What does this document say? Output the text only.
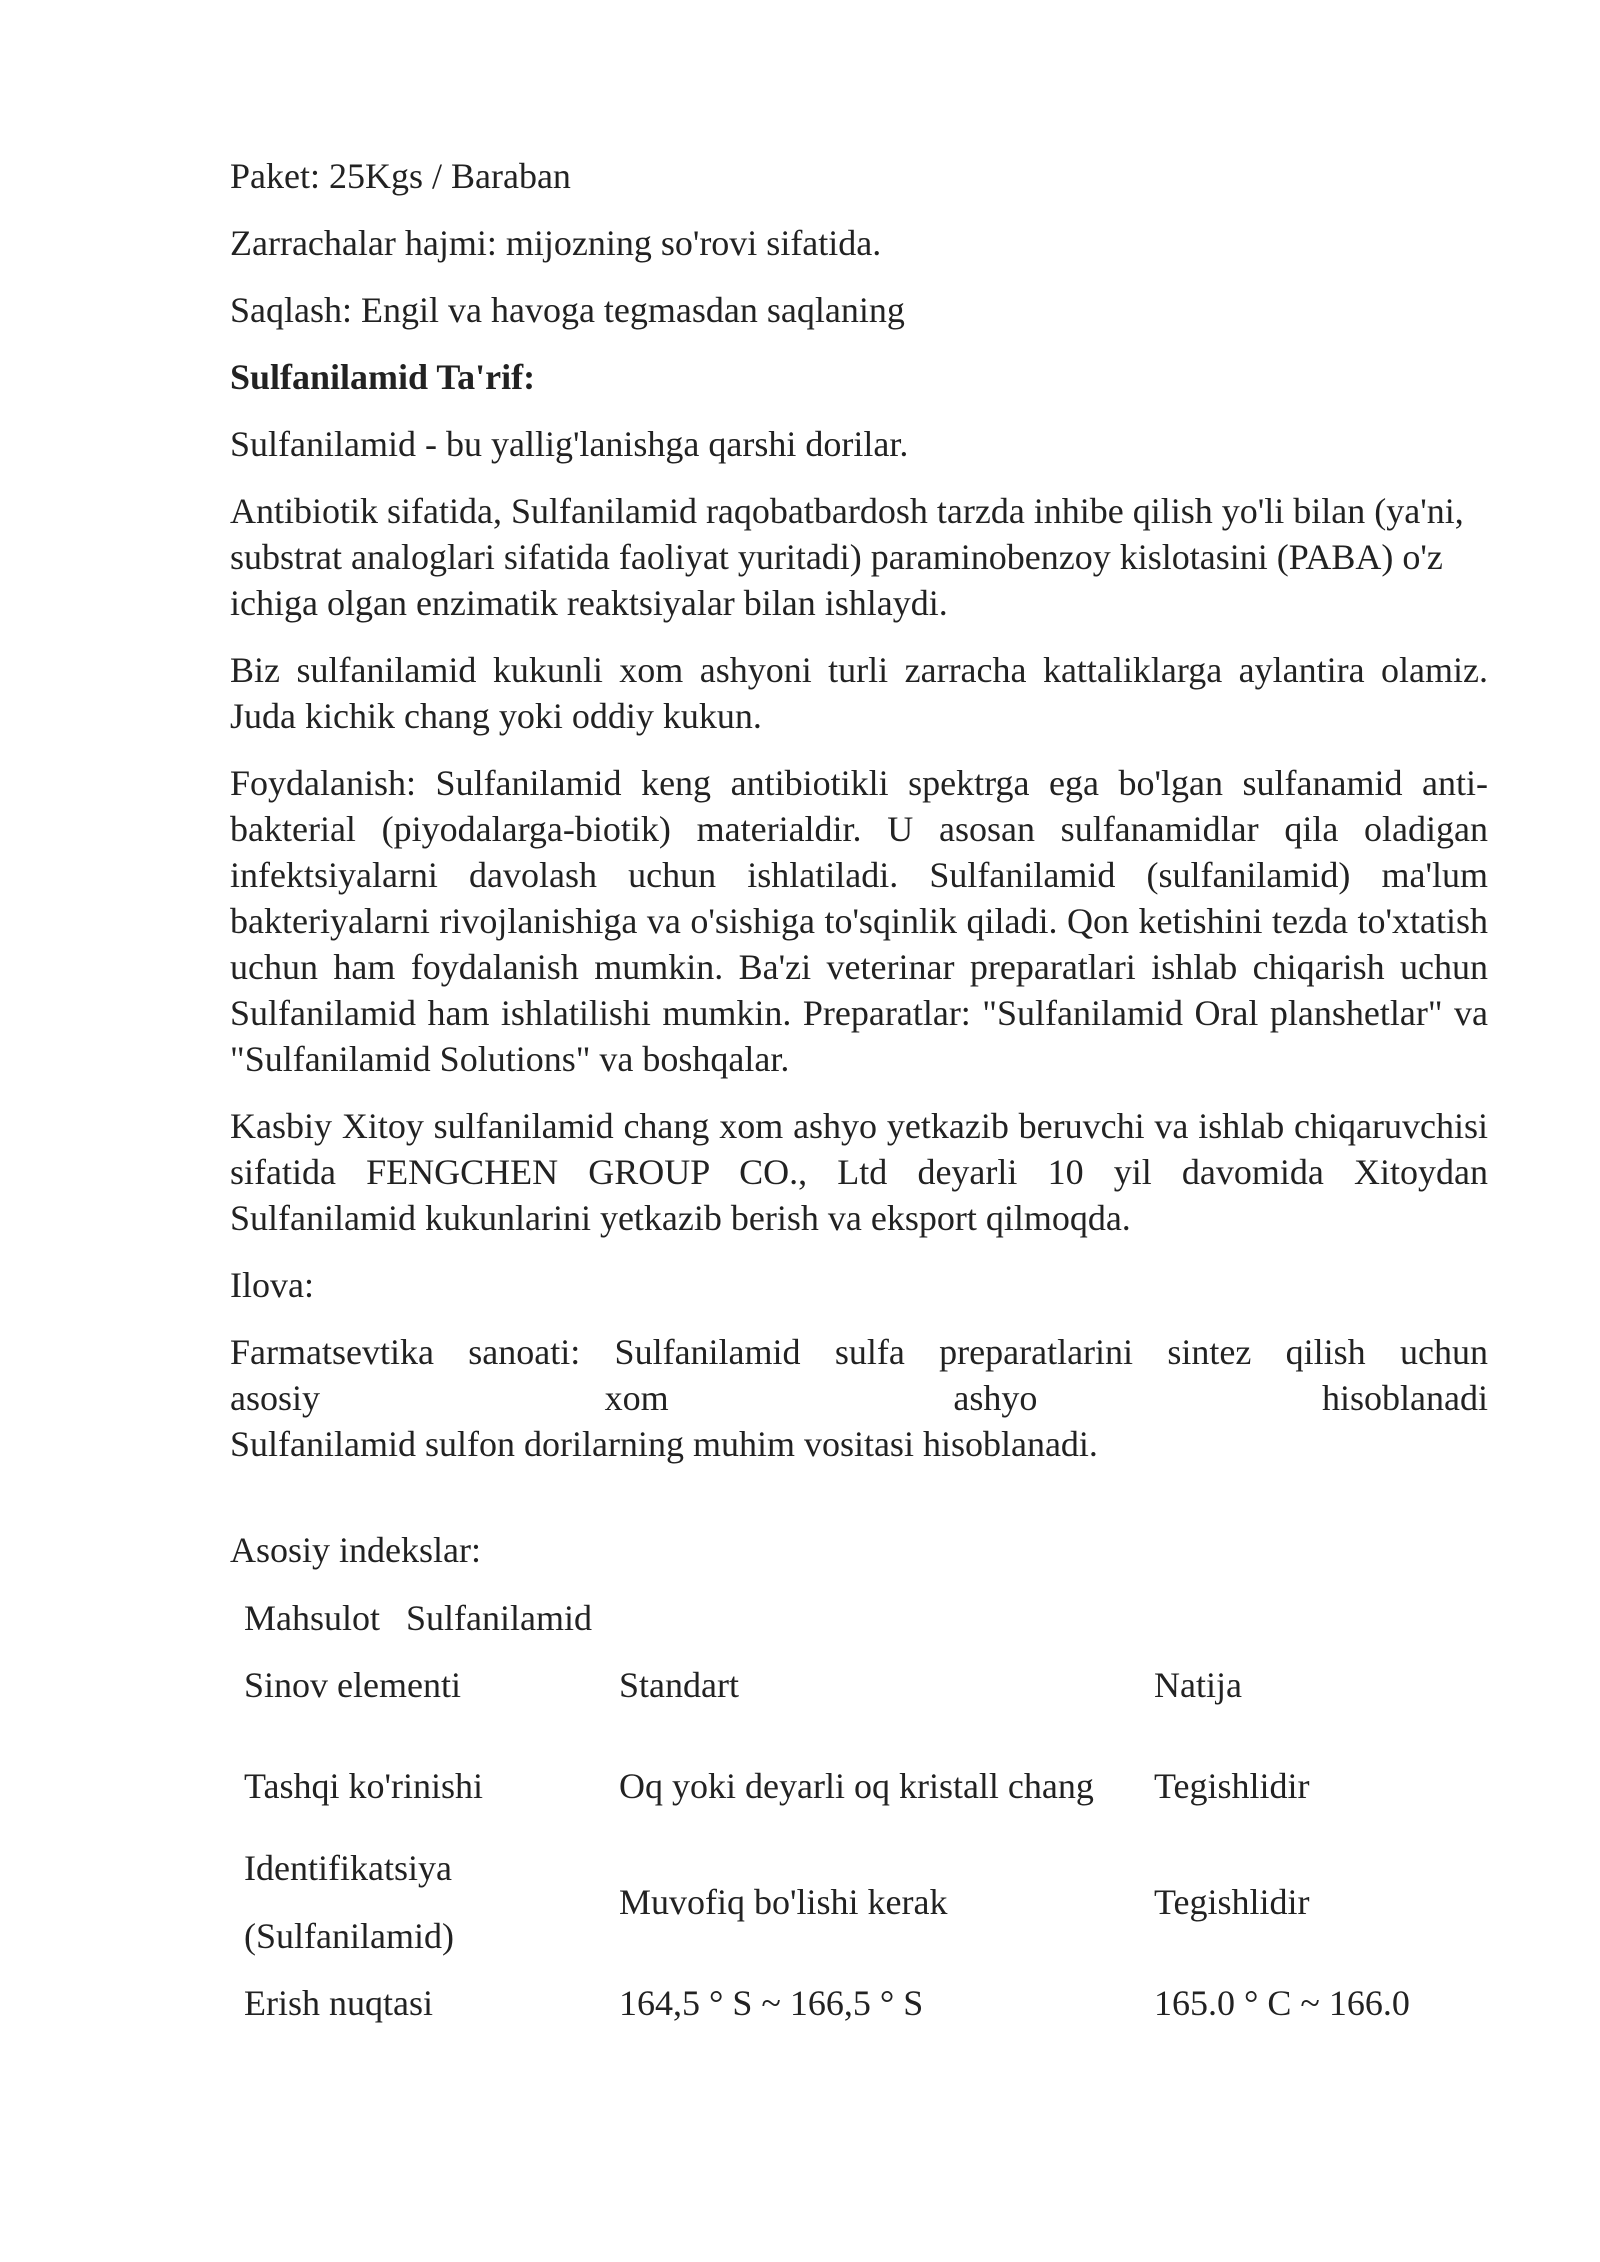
Paket: 25Kgs / Baraban

Zarrachalar hajmi: mijozning so'rovi sifatida.

Saqlash: Engil va havoga tegmasdan saqlaning

Sulfanilamid Ta'rif:

Sulfanilamid - bu yallig'lanishga qarshi dorilar.

Antibiotik sifatida, Sulfanilamid raqobatbardosh tarzda inhibe qilish yo'li bilan (ya'ni, substrat analoglari sifatida faoliyat yuritadi) paraminobenzoy kislotasini (PABA) o'z ichiga olgan enzimatik reaktsiyalar bilan ishlaydi.

Biz sulfanilamid kukunli xom ashyoni turli zarracha kattaliklarga aylantira olamiz. Juda kichik chang yoki oddiy kukun.

Foydalanish: Sulfanilamid keng antibiotikli spektrga ega bo'lgan sulfanamid anti-bakterial (piyodalarga-biotik) materialdir. U asosan sulfanamidlar qila oladigan infektsiyalarni davolash uchun ishlatiladi. Sulfanilamid (sulfanilamid) ma'lum bakteriyalarni rivojlanishiga va o'sishiga to'sqinlik qiladi. Qon ketishini tezda to'xtatish uchun ham foydalanish mumkin. Ba'zi veterinar preparatlari ishlab chiqarish uchun Sulfanilamid ham ishlatilishi mumkin. Preparatlar: "Sulfanilamid Oral planshetlar" va "Sulfanilamid Solutions" va boshqalar.

Kasbiy Xitoy sulfanilamid chang xom ashyo yetkazib beruvchi va ishlab chiqaruvchisi sifatida FENGCHEN GROUP CO., Ltd deyarli 10 yil davomida Xitoydan Sulfanilamid kukunlarini yetkazib berish va eksport qilmoqda.

Ilova:

Farmatsevtika sanoati: Sulfanilamid sulfa preparatlarini sintez qilish uchun
asosiy xom ashyo hisoblanadi
Sulfanilamid sulfon dorilarning muhim vositasi hisoblanadi.

Asosiy indekslar:

Mahsulot Sulfanilamid		
Sinov elementi	Standart	Natija
Tashqi ko'rinishi	Oq yoki deyarli oq kristall chang	Tegishlidir

Identifikatsiya
(Sulfanilamid)	Muvofiq bo'lishi kerak	Tegishlidir
Erish nuqtasi	164,5 ° S ~ 166,5 ° S	165.0 ° C ~ 166.0
